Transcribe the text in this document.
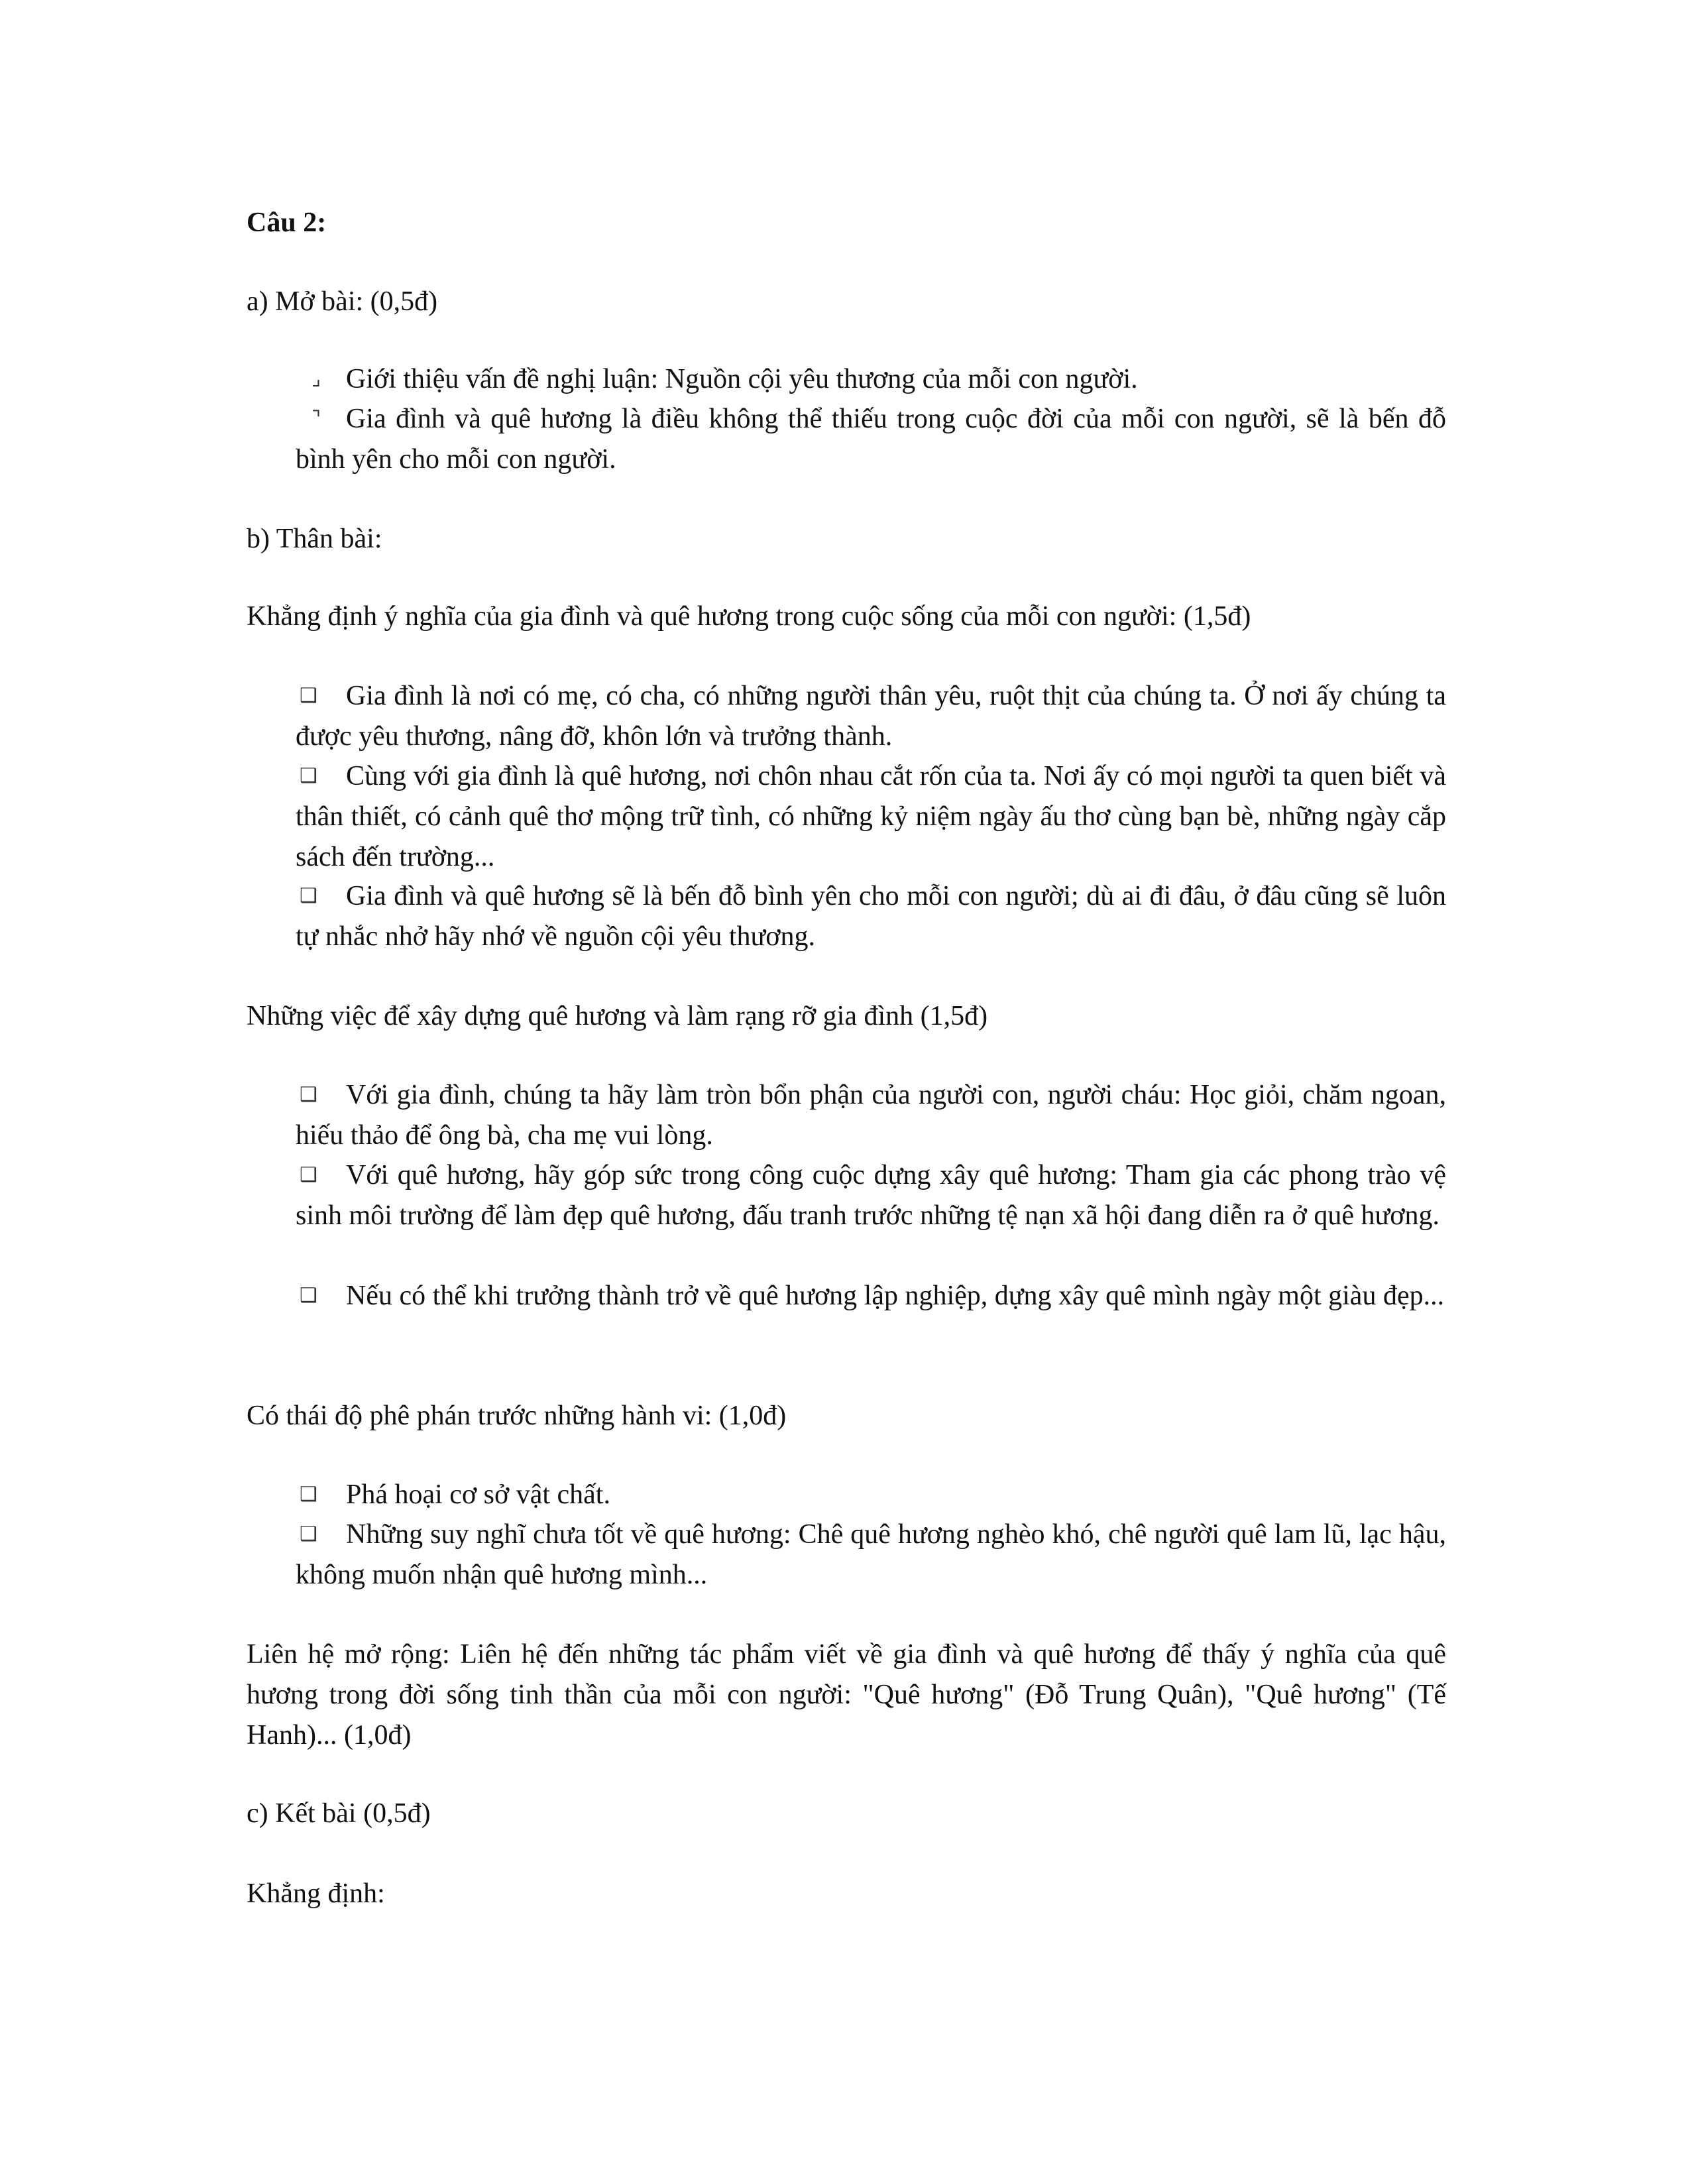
Câu 2:
a) Mở bài: (0,5đ)
⌟ Giới thiệu vấn đề nghị luận: Nguồn cội yêu thương của mỗi con người.
⌝ Gia đình và quê hương là điều không thể thiếu trong cuộc đời của mỗi con người, sẽ là bến đỗ bình yên cho mỗi con người.
b) Thân bài:
Khẳng định ý nghĩa của gia đình và quê hương trong cuộc sống của mỗi con người: (1,5đ)
❑	Gia đình là nơi có mẹ, có cha, có những người thân yêu, ruột thịt của chúng ta. Ở nơi ấy chúng ta được yêu thương, nâng đỡ, khôn lớn và trưởng thành.
❑	Cùng với gia đình là quê hương, nơi chôn nhau cắt rốn của ta. Nơi ấy có mọi người ta quen biết và thân thiết, có cảnh quê thơ mộng trữ tình, có những kỷ niệm ngày ấu thơ cùng bạn bè, những ngày cắp sách đến trường...
❑	Gia đình và quê hương sẽ là bến đỗ bình yên cho mỗi con người; dù ai đi đâu, ở đâu cũng sẽ luôn tự nhắc nhở hãy nhớ về nguồn cội yêu thương.
Những việc để xây dựng quê hương và làm rạng rỡ gia đình (1,5đ)
❑	Với gia đình, chúng ta hãy làm tròn bổn phận của người con, người cháu: Học giỏi, chăm ngoan, hiếu thảo để ông bà, cha mẹ vui lòng.
❑	Với quê hương, hãy góp sức trong công cuộc dựng xây quê hương: Tham gia các phong trào vệ sinh môi trường để làm đẹp quê hương, đấu tranh trước những tệ nạn xã hội đang diễn ra ở quê hương.
❑	Nếu có thể khi trưởng thành trở về quê hương lập nghiệp, dựng xây quê mình ngày một giàu đẹp...
Có thái độ phê phán trước những hành vi: (1,0đ)
❑	Phá hoại cơ sở vật chất.
❑	Những suy nghĩ chưa tốt về quê hương: Chê quê hương nghèo khó, chê người quê lam lũ, lạc hậu, không muốn nhận quê hương mình...
Liên hệ mở rộng: Liên hệ đến những tác phẩm viết về gia đình và quê hương để thấy ý nghĩa của quê hương trong đời sống tinh thần của mỗi con người: "Quê hương" (Đỗ Trung Quân), "Quê hương" (Tế Hanh)... (1,0đ)
c) Kết bài (0,5đ)
Khẳng định:
